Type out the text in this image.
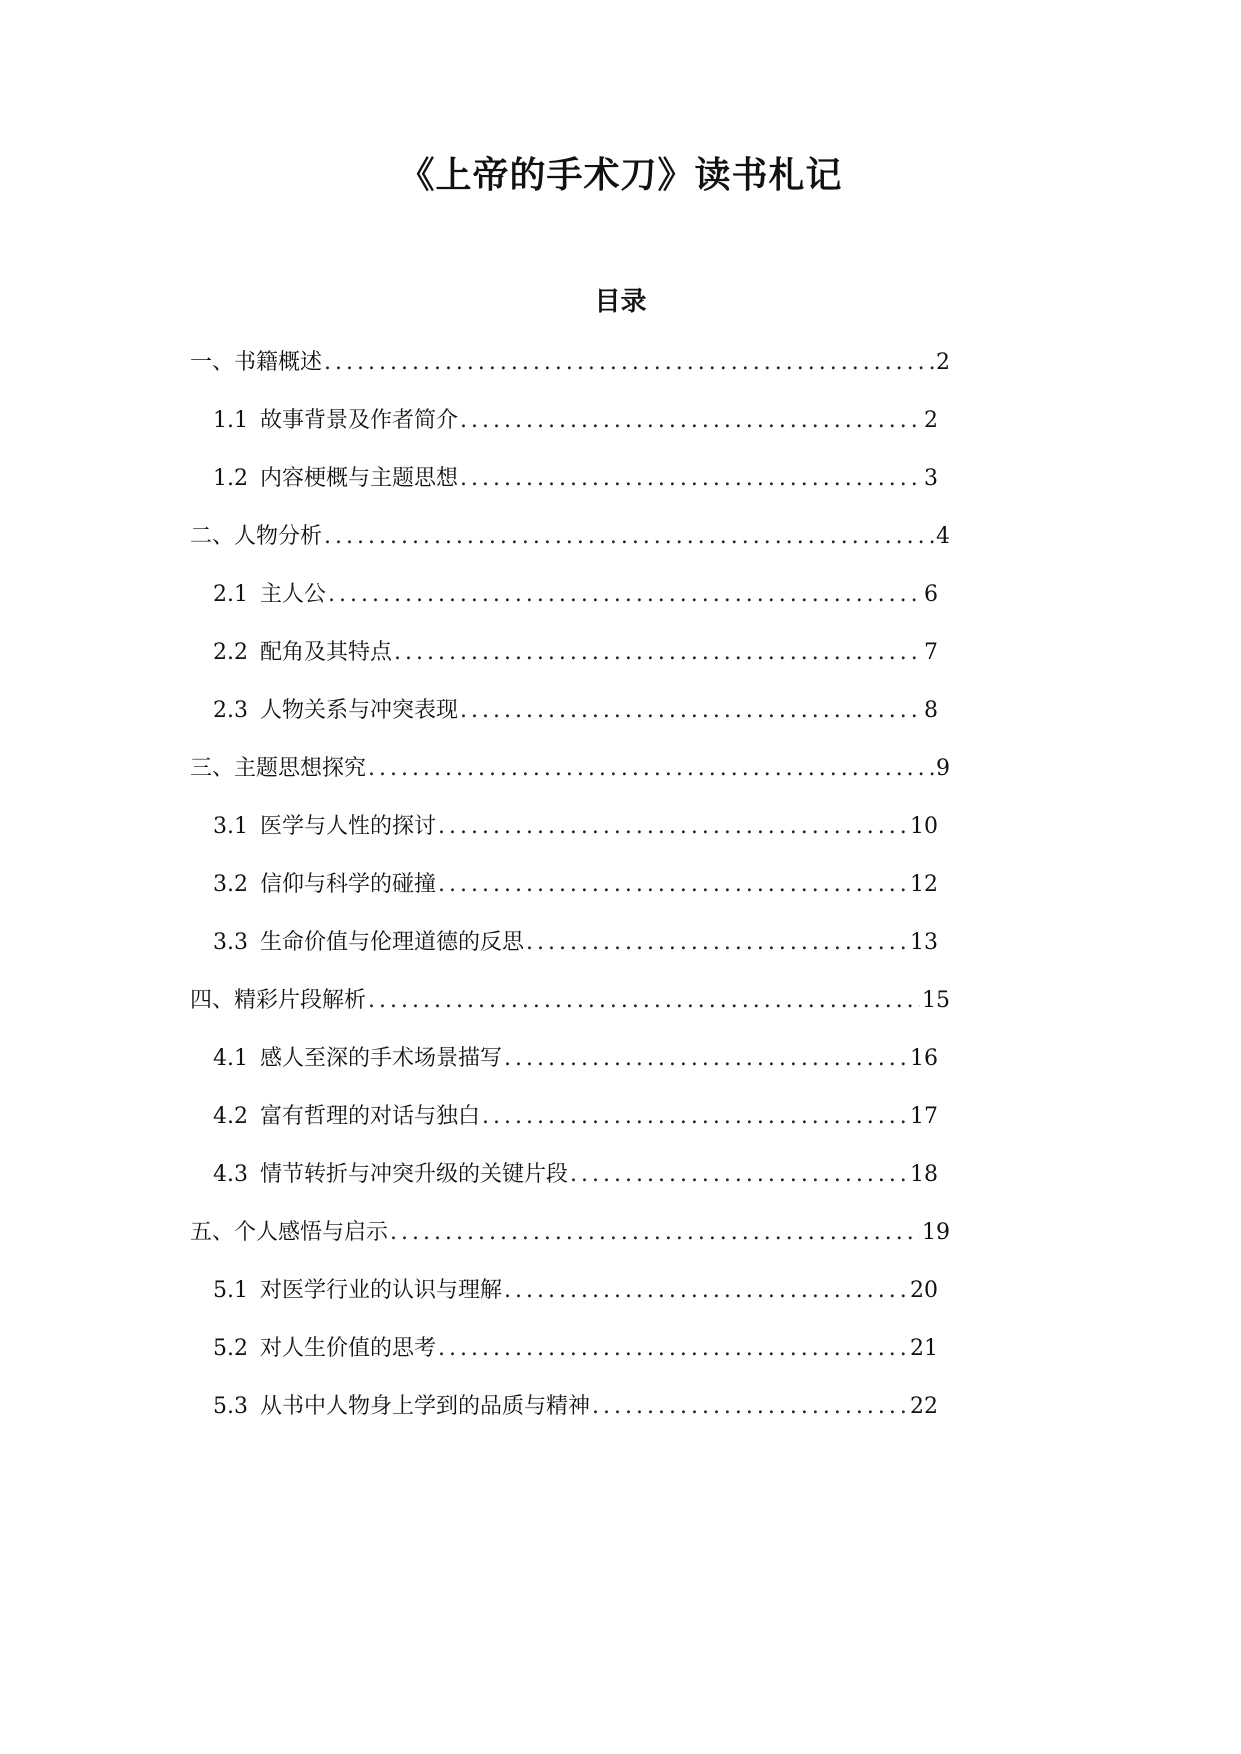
《上帝的手术刀》读书札记
目录
一、书籍概述 .....	2
1.1 故事背景及作者简介 .....	2
1.2 内容梗概与主题思想 .....	3
二、人物分析 .....	4
2.1 主人公 .....	6
2.2 配角及其特点 .....	7
2.3 人物关系与冲突表现 .....	8
三、主题思想探究 .....	9
3.1 医学与人性的探讨 .....	10
3.2 信仰与科学的碰撞 .....	12
3.3 生命价值与伦理道德的反思 .....	13
四、精彩片段解析 .....	15
4.1 感人至深的手术场景描写 .....	16
4.2 富有哲理的对话与独白 .....	17
4.3 情节转折与冲突升级的关键片段 .....	18
五、个人感悟与启示 .....	19
5.1 对医学行业的认识与理解 .....	20
5.2 对人生价值的思考 .....	21
5.3 从书中人物身上学到的品质与精神 .....	22
